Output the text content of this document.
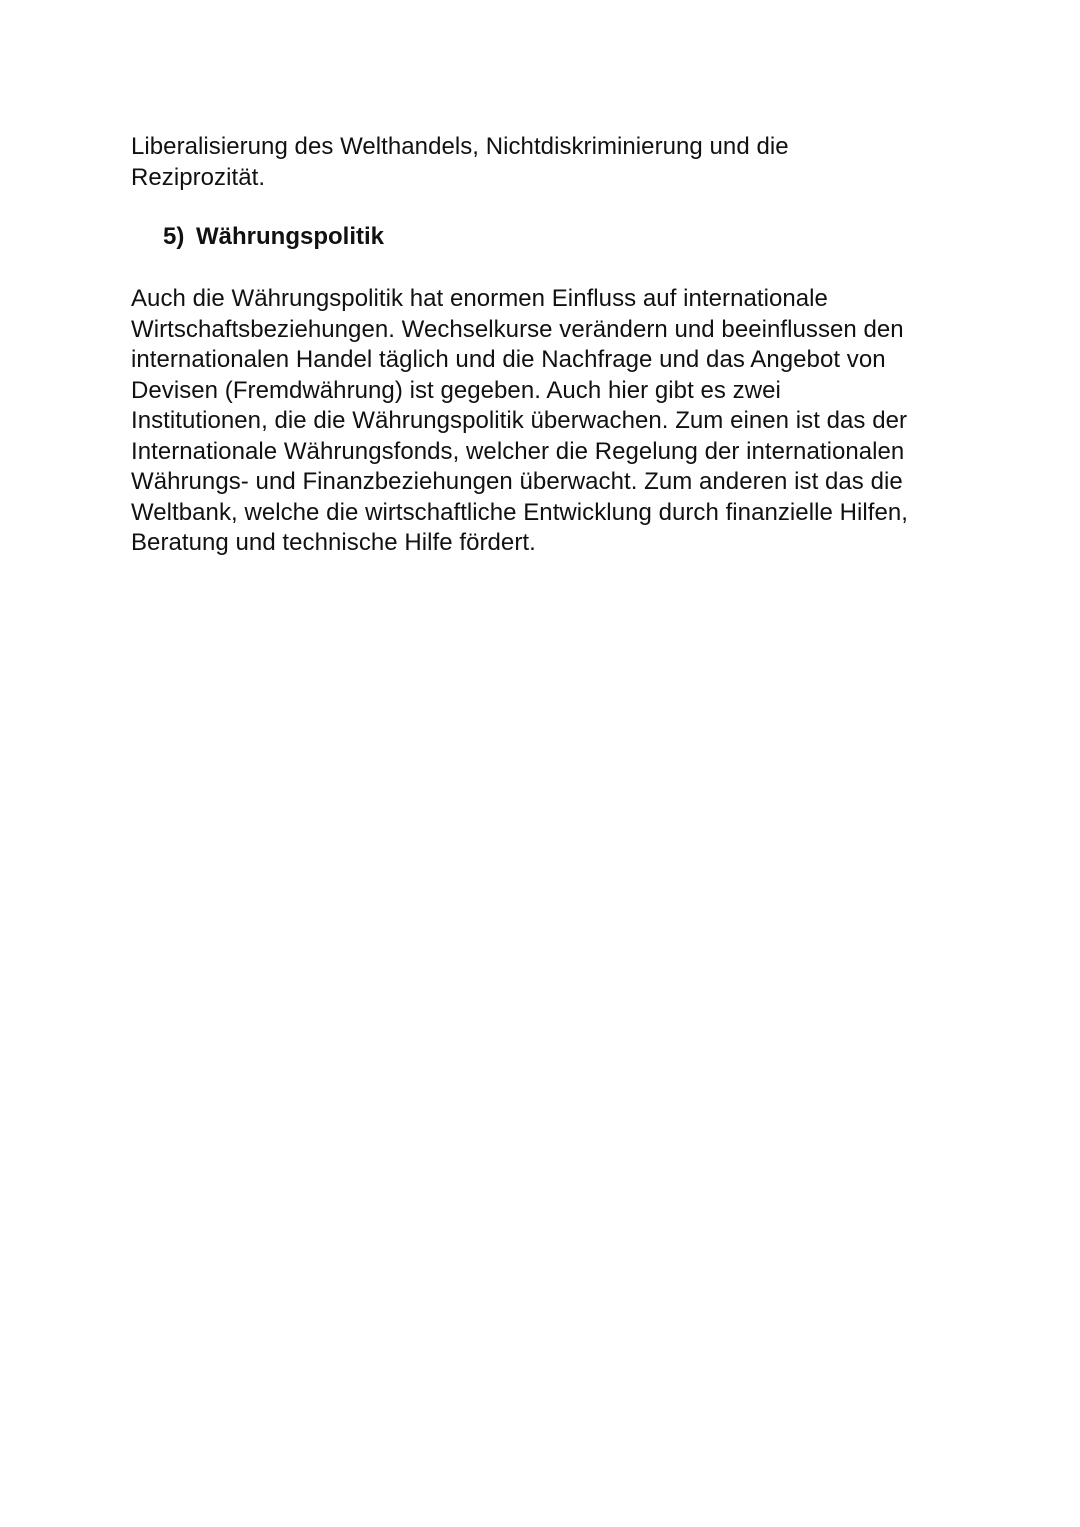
Liberalisierung des Welthandels, Nichtdiskriminierung und die
Reziprozität.

5) Währungspolitik

Auch die Währungspolitik hat enormen Einfluss auf internationale
Wirtschaftsbeziehungen. Wechselkurse verändern und beeinflussen den
internationalen Handel täglich und die Nachfrage und das Angebot von
Devisen (Fremdwährung) ist gegeben. Auch hier gibt es zwei
Institutionen, die die Währungspolitik überwachen. Zum einen ist das der
Internationale Währungsfonds, welcher die Regelung der internationalen
Währungs- und Finanzbeziehungen überwacht. Zum anderen ist das die
Weltbank, welche die wirtschaftliche Entwicklung durch finanzielle Hilfen,
Beratung und technische Hilfe fördert.
